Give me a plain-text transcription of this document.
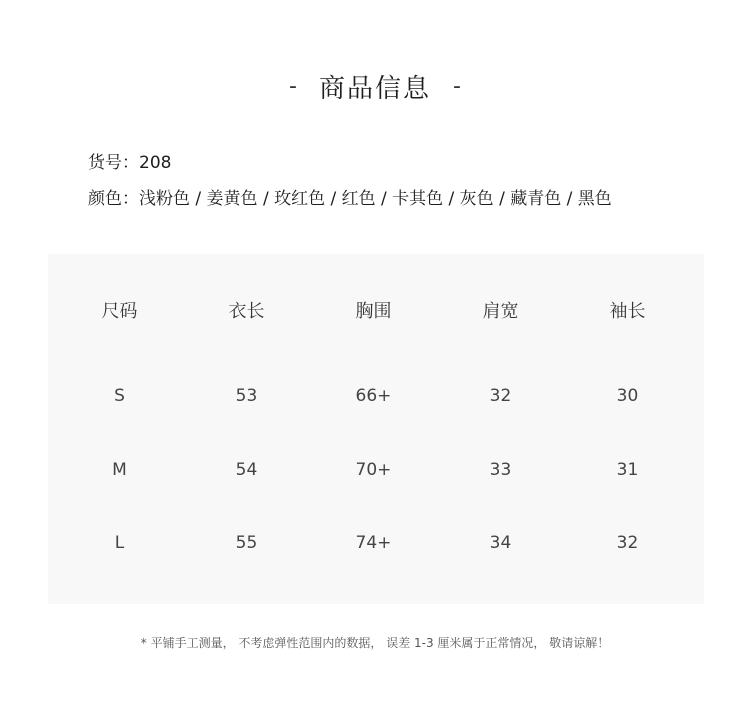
- 商品信息 -
货号：208
颜色：浅粉色 / 姜黄色 / 玫红色 / 红色 / 卡其色 / 灰色 / 藏青色 / 黑色
尺码	衣长	胸围	肩宽	袖长
S	53	66+	32	30
M	54	70+	33	31
L	55	74+	34	32
* 平铺手工测量， 不考虑弹性范围内的数据， 误差 1-3 厘米属于正常情况， 敬请谅解！
